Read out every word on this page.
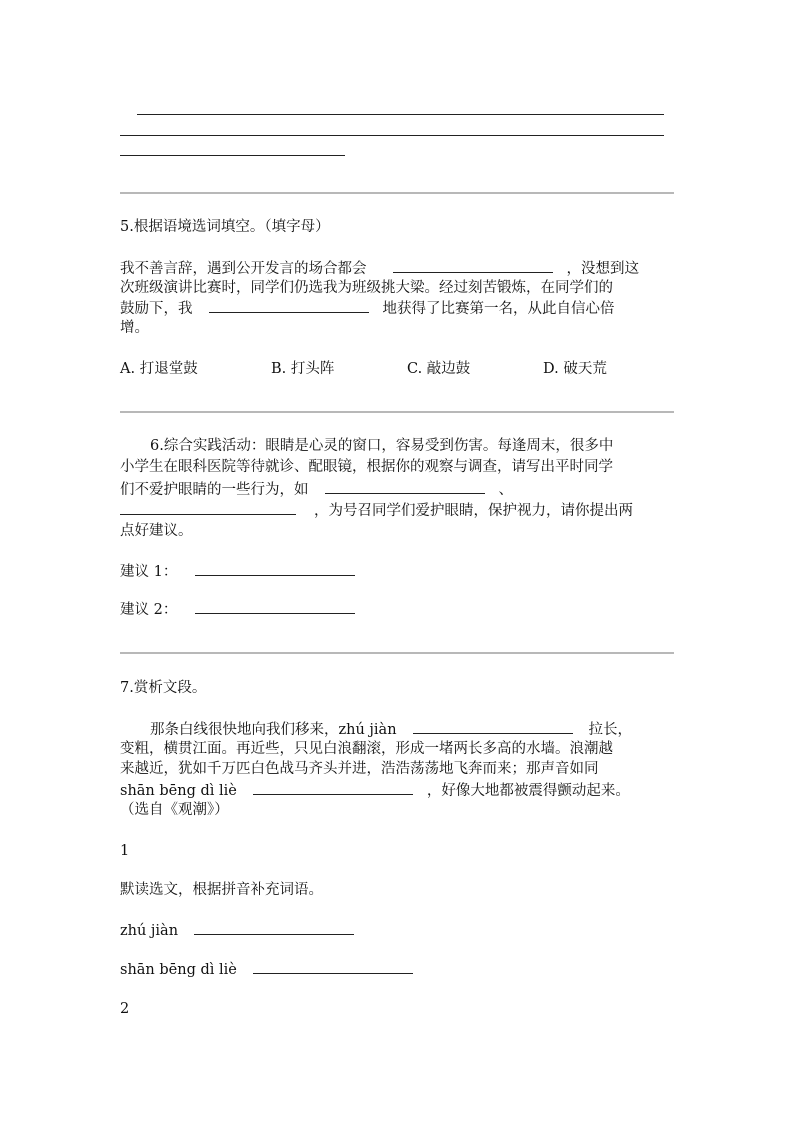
5.根据语境选词填空。（填字母）
我不善言辞，遇到公开发言的场合都会	，没想到这
次班级演讲比赛时，同学们仍选我为班级挑大梁。经过刻苦锻炼，在同学们的
鼓励下，我	地获得了比赛第一名，从此自信心倍
增。
A. 打退堂鼓	B. 打头阵	C. 敲边鼓	D. 破天荒
6.综合实践活动：眼睛是心灵的窗口，容易受到伤害。每逢周末，很多中
小学生在眼科医院等待就诊、配眼镜，根据你的观察与调查，请写出平时同学
们不爱护眼睛的一些行为，如	、
，为号召同学们爱护眼睛，保护视力，请你提出两
点好建议。
建议 1：
建议 2：
7.赏析文段。
那条白线很快地向我们移来，zhú jiàn	拉长，
变粗，横贯江面。再近些，只见白浪翻滚，形成一堵两长多高的水墙。浪潮越
来越近，犹如千万匹白色战马齐头并进，浩浩荡荡地飞奔而来；那声音如同
shān bēng dì liè	，好像大地都被震得颤动起来。
（选自《观潮》）
1
默读选文，根据拼音补充词语。
zhú jiàn
shān bēng dì liè
2
